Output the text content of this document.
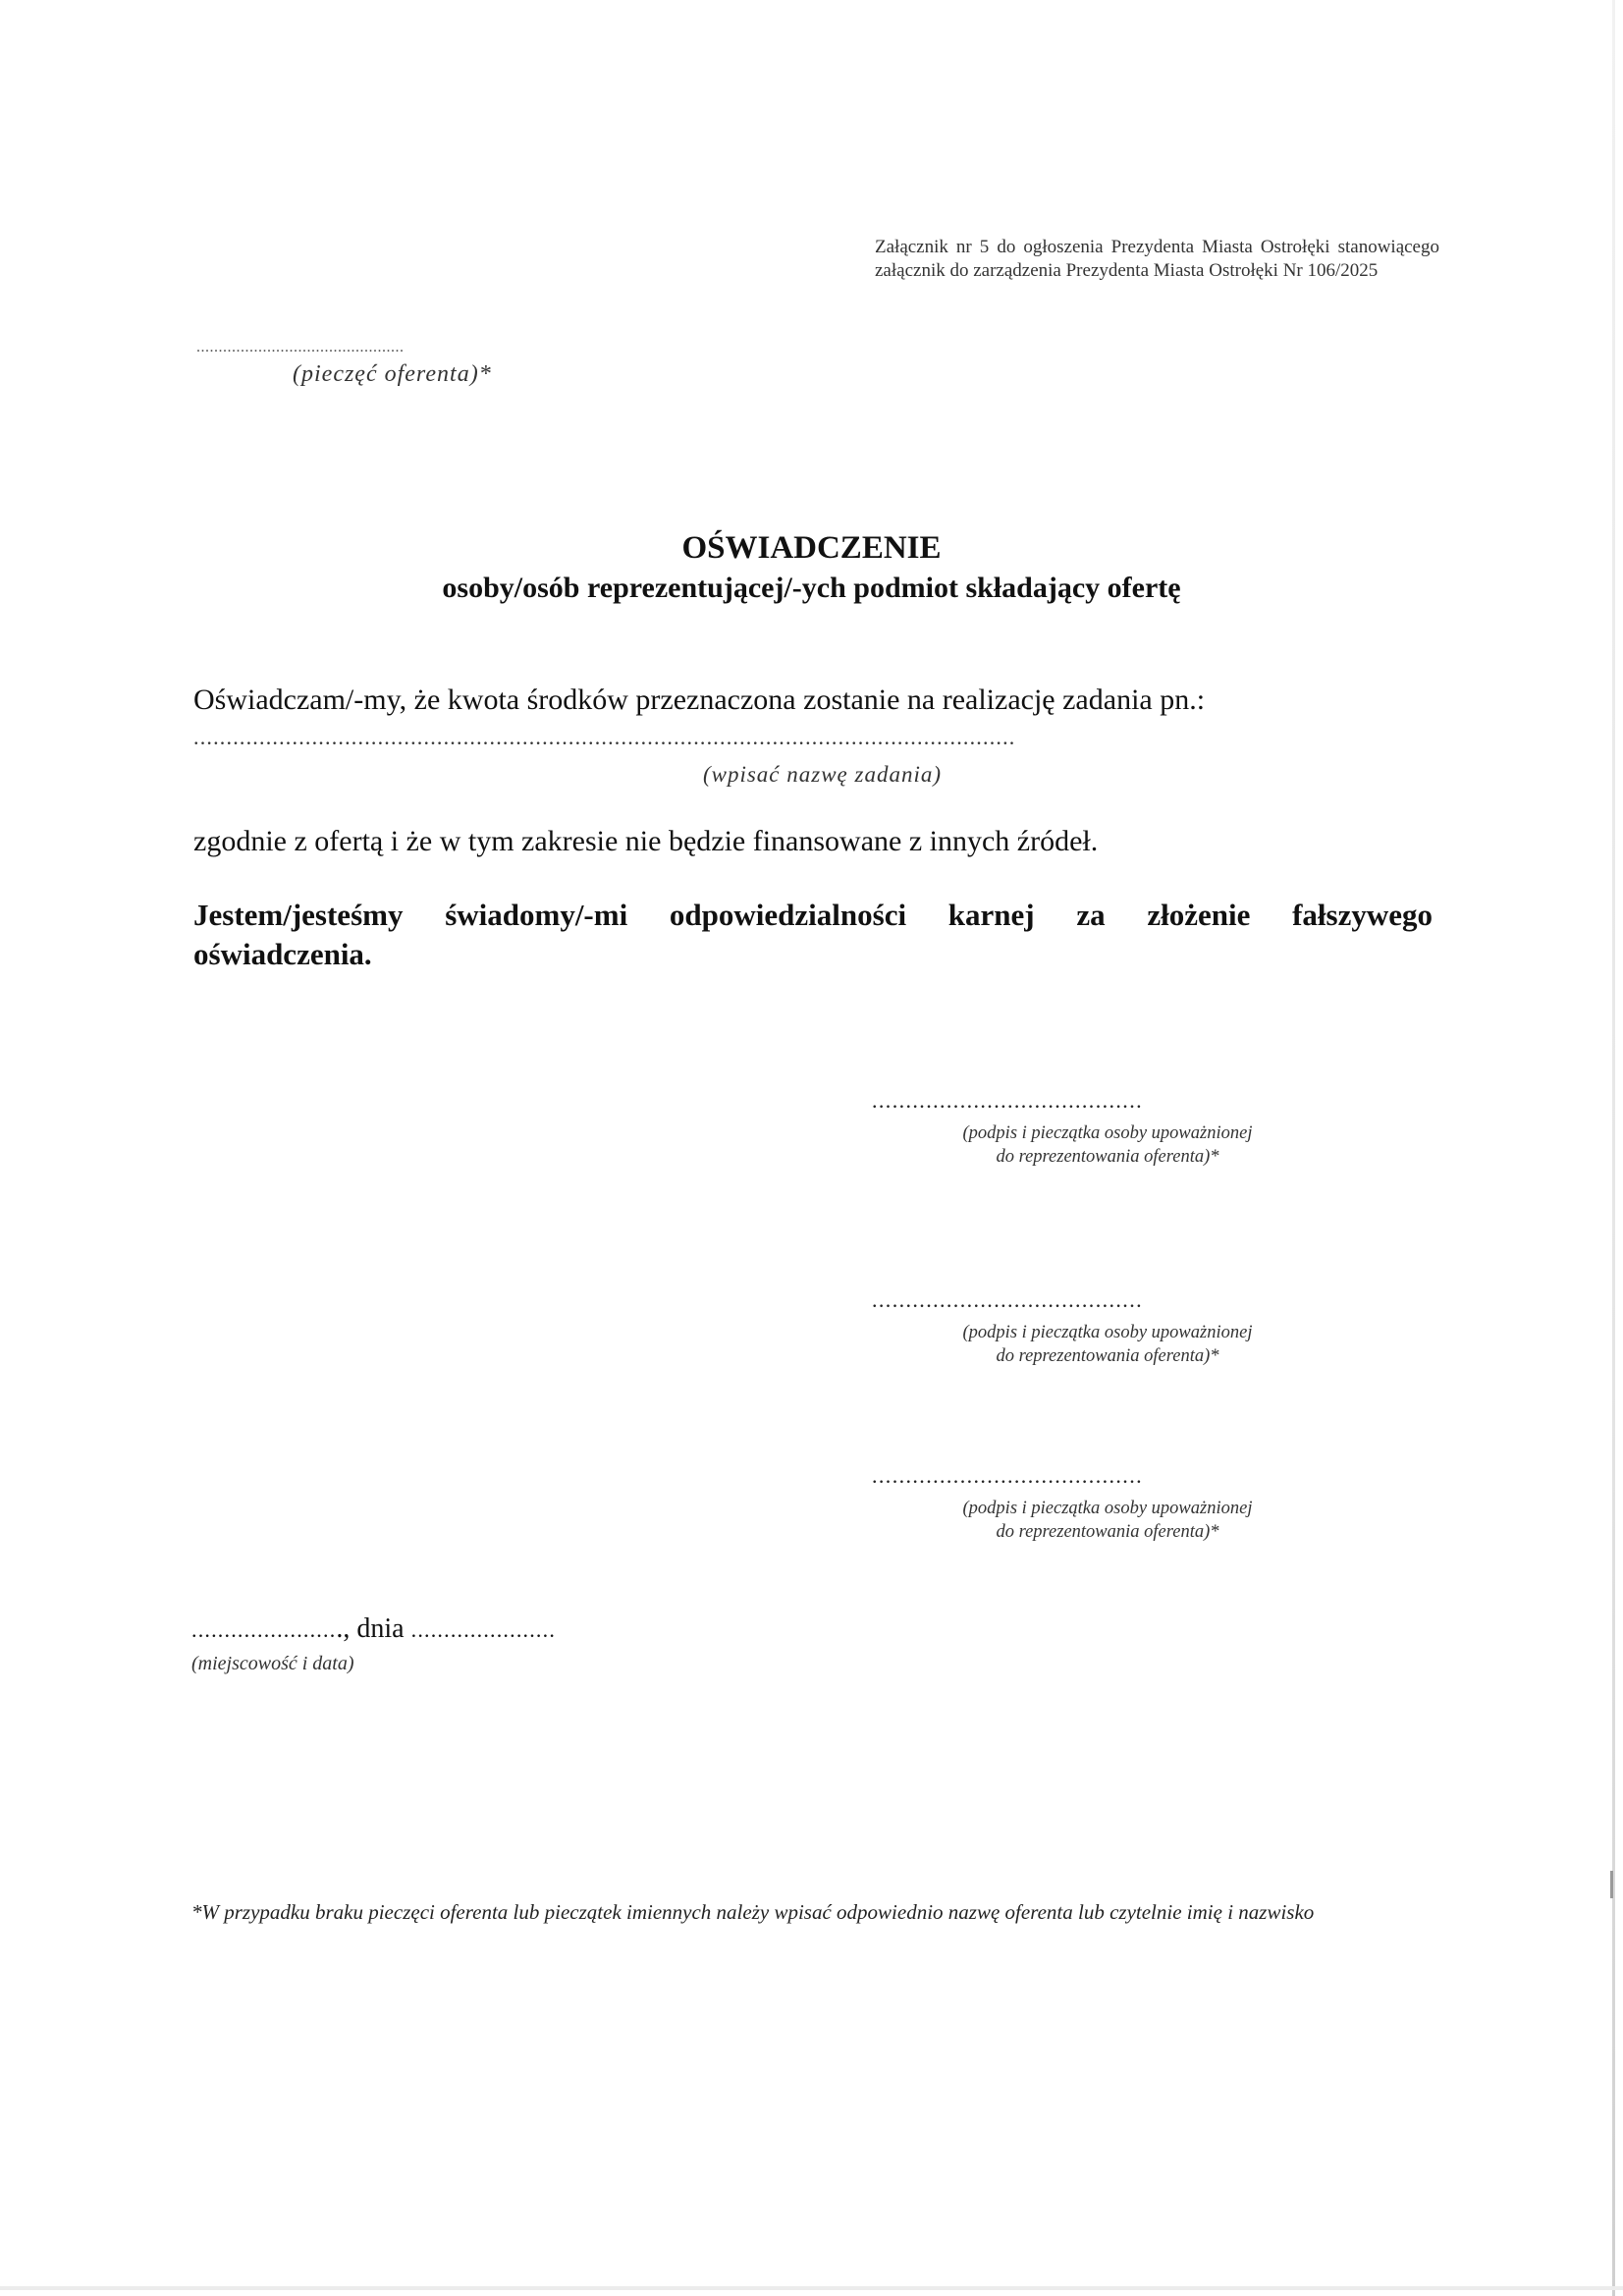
Załącznik nr 5 do ogłoszenia Prezydenta Miasta Ostrołęki stanowiącego załącznik do zarządzenia Prezydenta Miasta Ostrołęki Nr 106/2025
...............................................
(pieczęć oferenta)*
OŚWIADCZENIE
osoby/osób reprezentującej/-ych podmiot składający ofertę
Oświadczam/-my, że kwota środków przeznaczona zostanie na realizację zadania pn.:
.............................................................................................................................
(wpisać nazwę zadania)
zgodnie z ofertą i że w tym zakresie nie będzie finansowane z innych źródeł.
Jestem/jesteśmy świadomy/-mi odpowiedzialności karnej za złożenie fałszywego oświadczenia.
........................................
(podpis i pieczątka osoby upoważnionej
do reprezentowania oferenta)*
........................................
(podpis i pieczątka osoby upoważnionej
do reprezentowania oferenta)*
........................................
(podpis i pieczątka osoby upoważnionej
do reprezentowania oferenta)*
......................., dnia ......................
(miejscowość i data)
*W przypadku braku pieczęci oferenta lub pieczątek imiennych należy wpisać odpowiednio nazwę oferenta lub czytelnie imię i nazwisko
